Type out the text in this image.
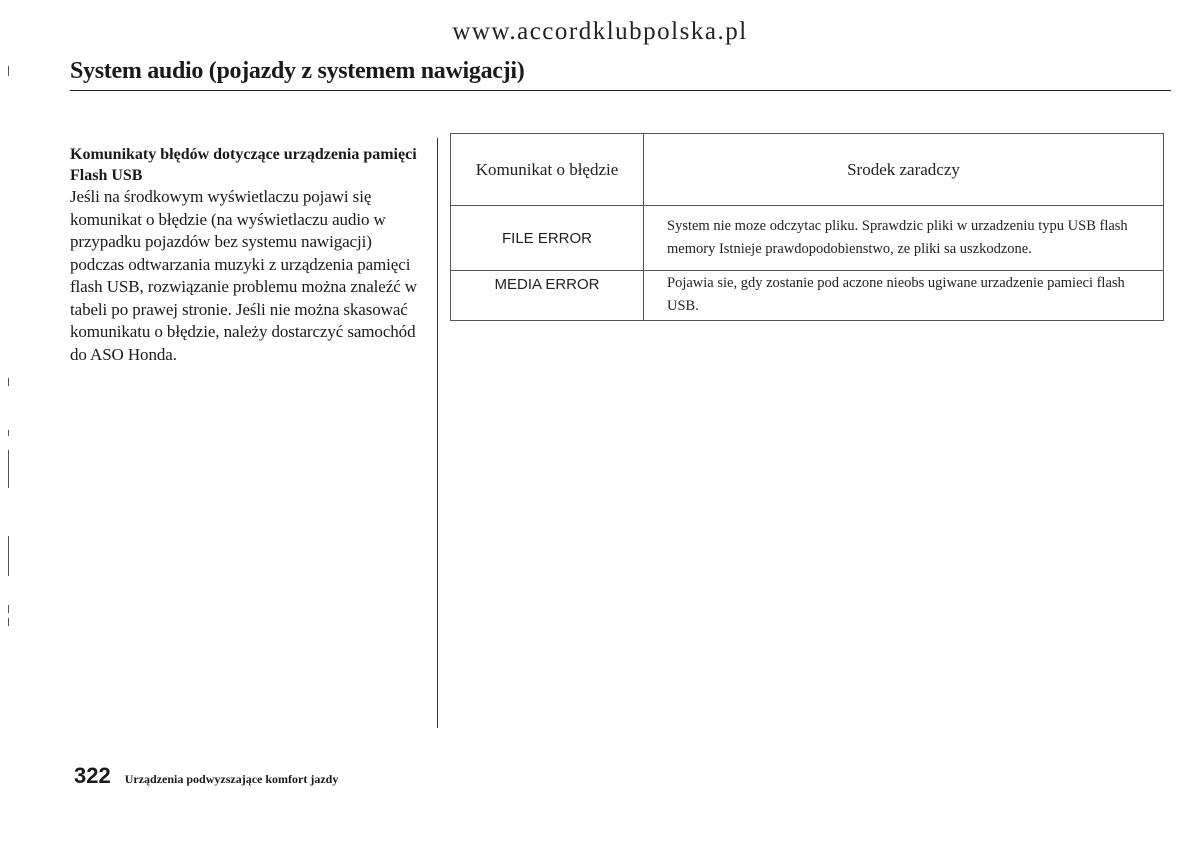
www.accordklubpolska.pl
System audio (pojazdy z systemem nawigacji)

Komunikaty błędów dotyczące urządzenia pamięci Flash USB

Jeśli na środkowym wyświetlaczu pojawi się komunikat o błędzie (na wyświetlaczu audio w przypadku pojazdów bez systemu nawigacji) podczas odtwarzania muzyki z urządzenia pamięci flash USB, rozwiązanie problemu można znaleźć w tabeli po prawej stronie. Jeśli nie można skasować komunikatu o błędzie, należy dostarczyć samochód do ASO Honda.

Komunikat o błędzie	Srodek zaradczy
FILE ERROR	System nie moze odczytac pliku. Sprawdzic pliki w urzadzeniu typu USB flash memory Istnieje prawdopodobienstwo, ze pliki sa uszkodzone.
MEDIA ERROR	Pojawia sie, gdy zostanie pod aczone nieobs ugiwane urzadzenie pamieci flash USB.
322 Urządzenia podwyzszające komfort jazdy
